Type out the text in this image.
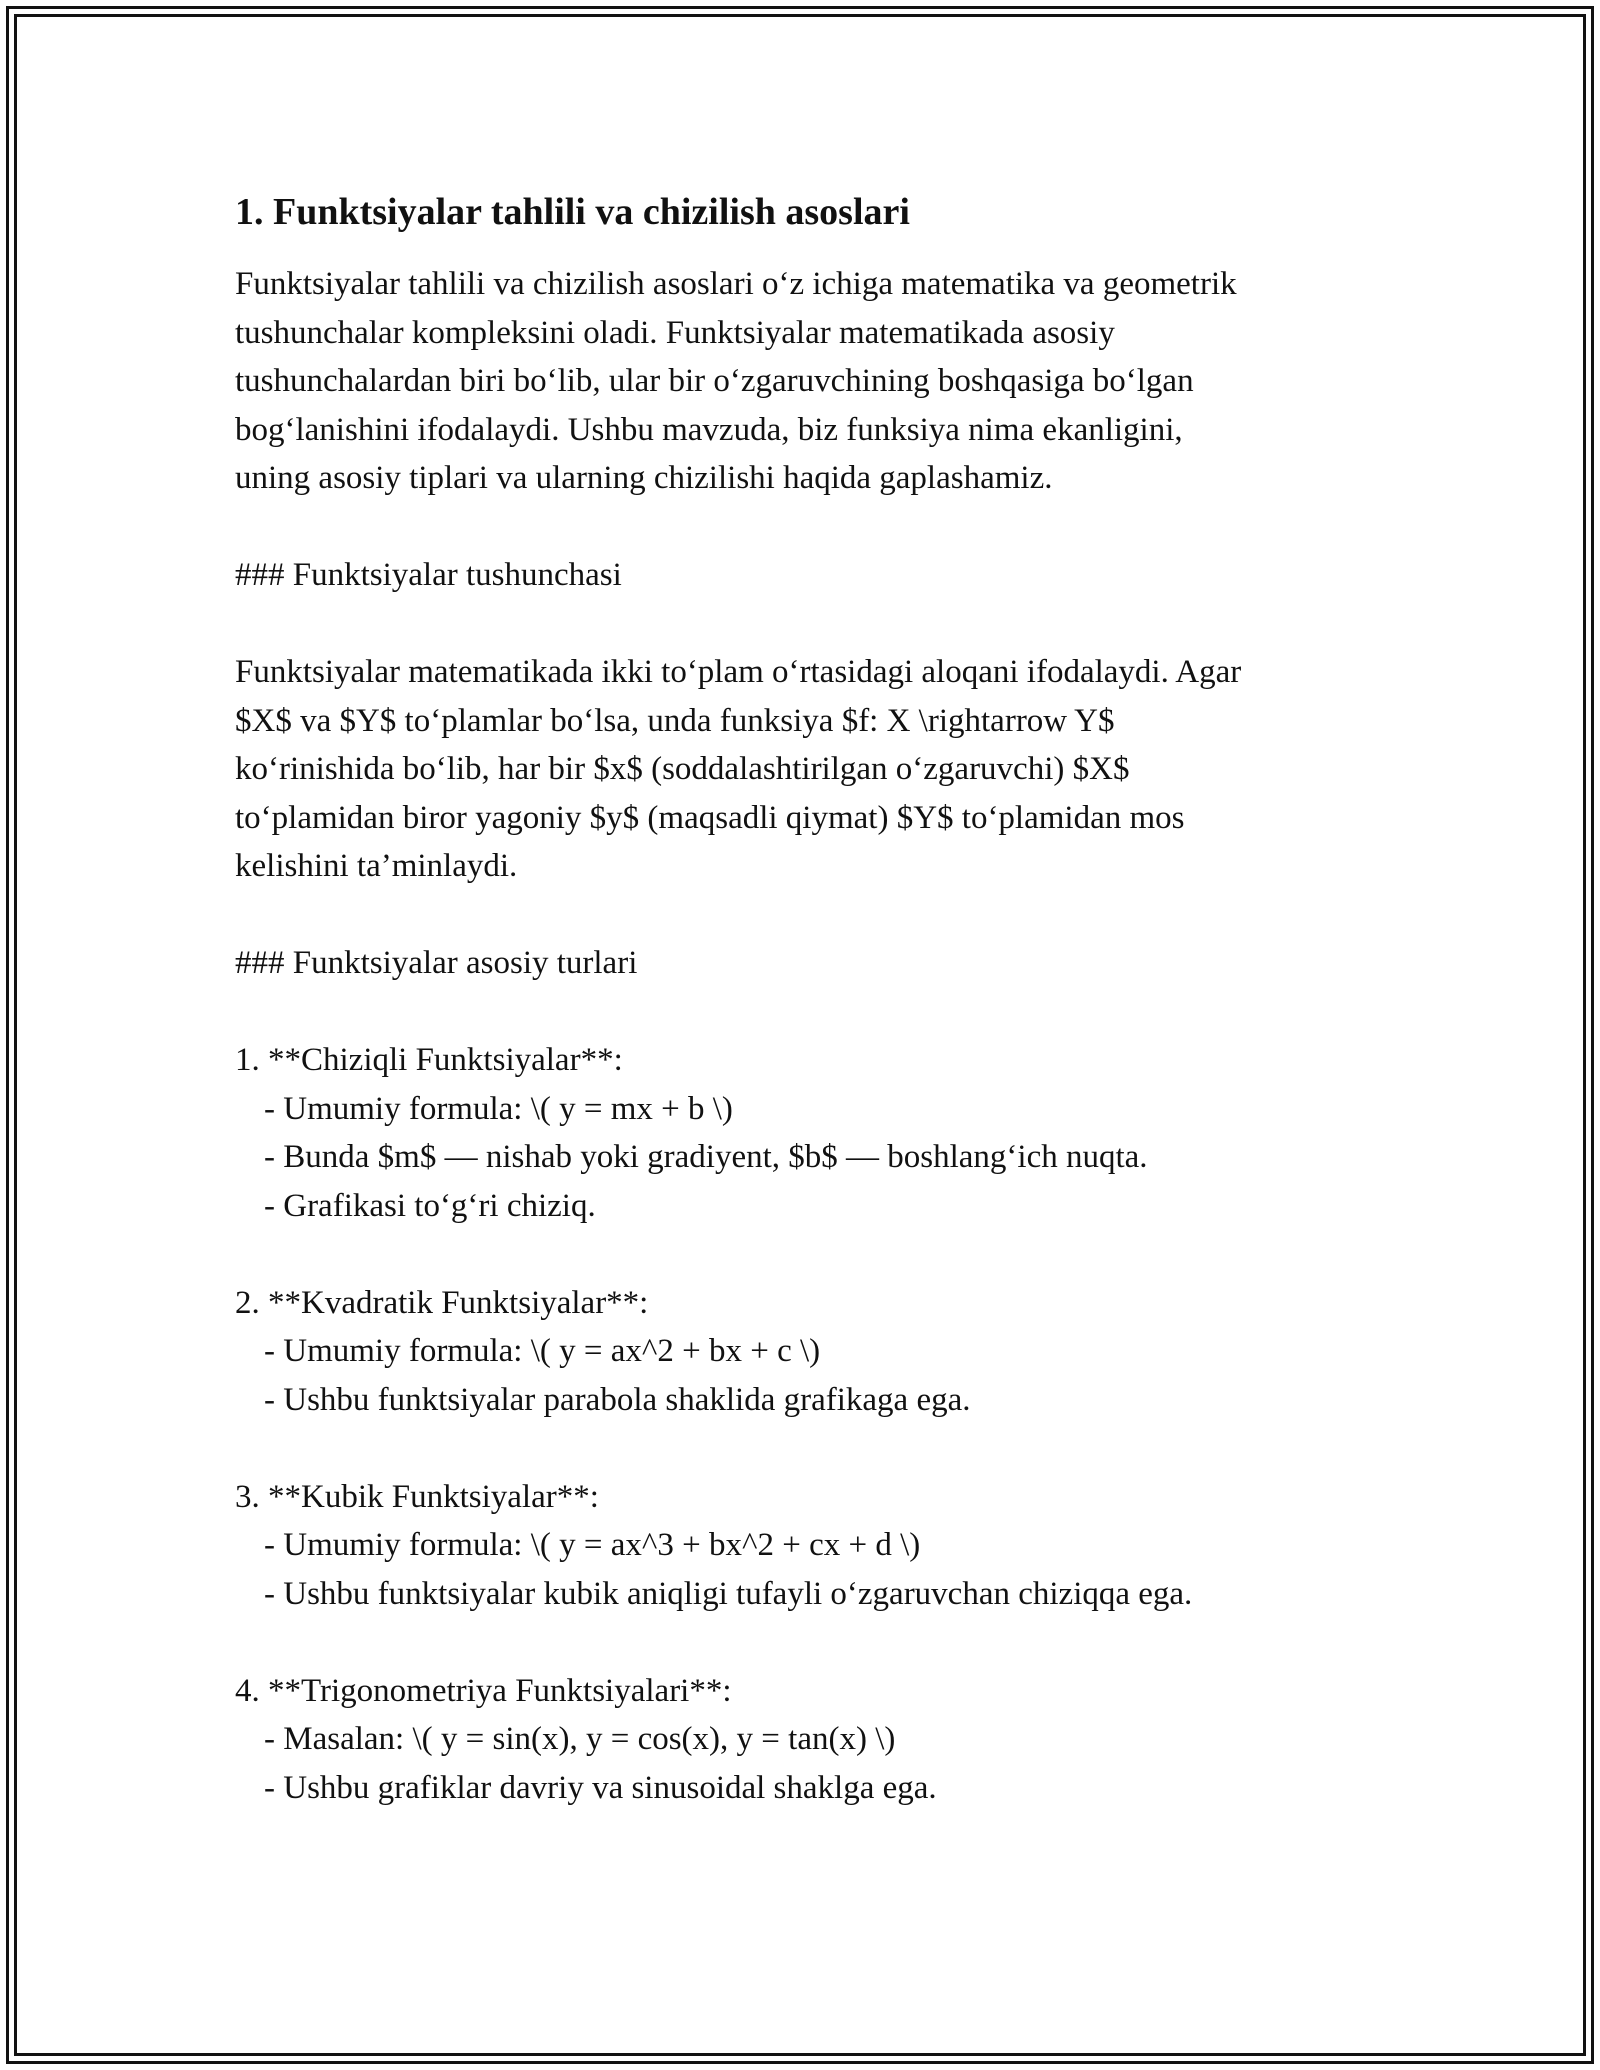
1. Funktsiyalar tahlili va chizilish asoslari
Funktsiyalar tahlili va chizilish asoslari o‘z ichiga matematika va geometrik
tushunchalar kompleksini oladi. Funktsiyalar matematikada asosiy
tushunchalardan biri bo‘lib, ular bir o‘zgaruvchining boshqasiga bo‘lgan
bog‘lanishini ifodalaydi. Ushbu mavzuda, biz funksiya nima ekanligini,
uning asosiy tiplari va ularning chizilishi haqida gaplashamiz.
### Funktsiyalar tushunchasi
Funktsiyalar matematikada ikki to‘plam o‘rtasidagi aloqani ifodalaydi. Agar
$X$ va $Y$ to‘plamlar bo‘lsa, unda funksiya $f: X \rightarrow Y$
ko‘rinishida bo‘lib, har bir $x$ (soddalashtirilgan o‘zgaruvchi) $X$
to‘plamidan biror yagoniy $y$ (maqsadli qiymat) $Y$ to‘plamidan mos
kelishini ta’minlaydi.
### Funktsiyalar asosiy turlari
1. **Chiziqli Funktsiyalar**:
- Umumiy formula: \( y = mx + b \)
- Bunda $m$ — nishab yoki gradiyent, $b$ — boshlang‘ich nuqta.
- Grafikasi to‘g‘ri chiziq.
2. **Kvadratik Funktsiyalar**:
- Umumiy formula: \( y = ax^2 + bx + c \)
- Ushbu funktsiyalar parabola shaklida grafikaga ega.
3. **Kubik Funktsiyalar**:
- Umumiy formula: \( y = ax^3 + bx^2 + cx + d \)
- Ushbu funktsiyalar kubik aniqligi tufayli o‘zgaruvchan chiziqqa ega.
4. **Trigonometriya Funktsiyalari**:
- Masalan: \( y = sin(x), y = cos(x), y = tan(x) \)
- Ushbu grafiklar davriy va sinusoidal shaklga ega.
